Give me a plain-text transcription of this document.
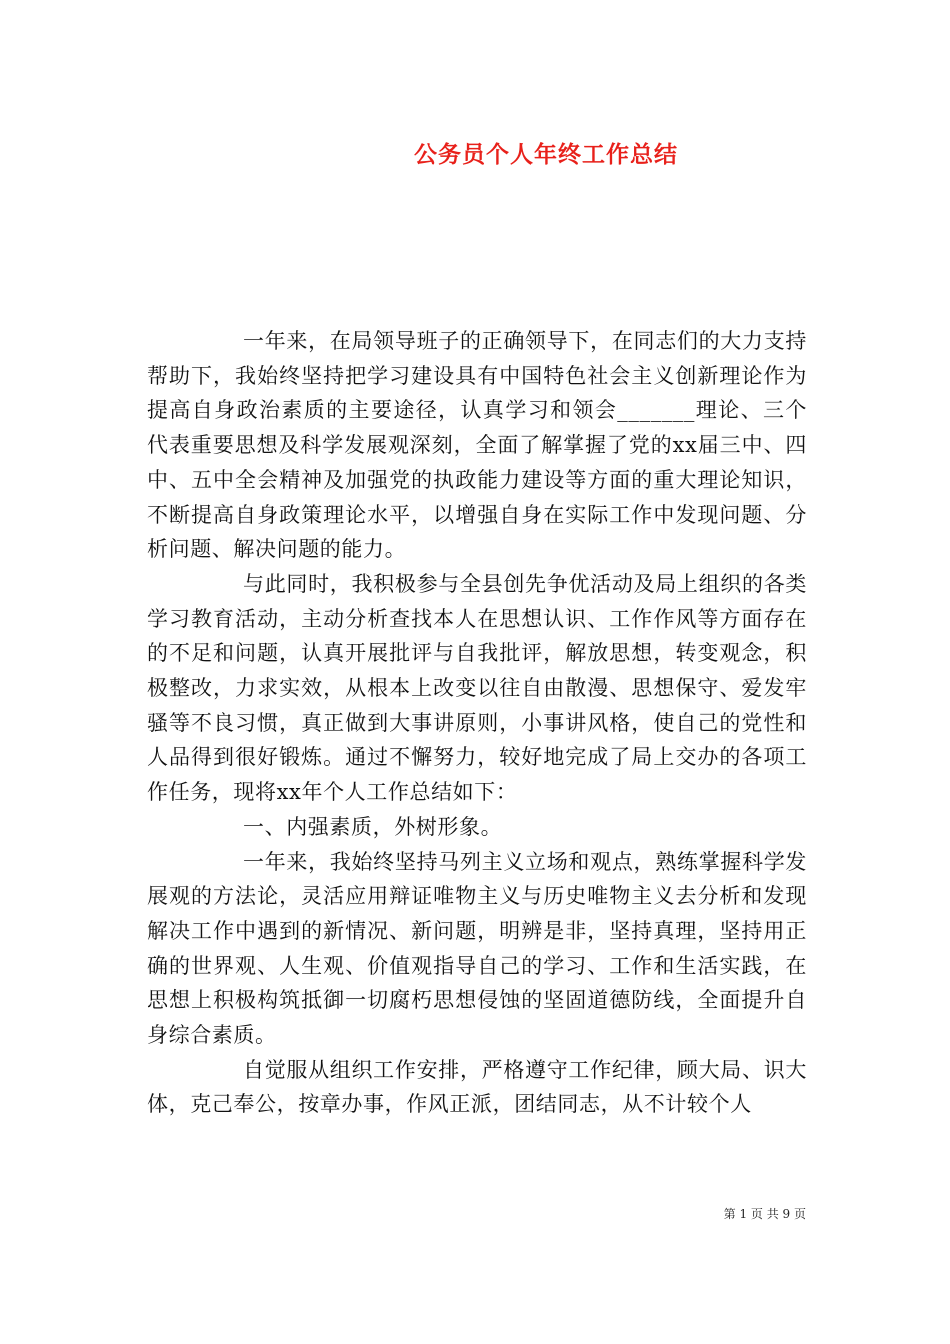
公务员个人年终工作总结

一年来，在局领导班子的正确领导下，在同志们的大力支持帮助下，我始终坚持把学习建设具有中国特色社会主义创新理论作为提高自身政治素质的主要途径，认真学习和领会_______理论、三个代表重要思想及科学发展观深刻，全面了解掌握了党的xx届三中、四中、五中全会精神及加强党的执政能力建设等方面的重大理论知识，不断提高自身政策理论水平，以增强自身在实际工作中发现问题、分析问题、解决问题的能力。

与此同时，我积极参与全县创先争优活动及局上组织的各类学习教育活动，主动分析查找本人在思想认识、工作作风等方面存在的不足和问题，认真开展批评与自我批评，解放思想，转变观念，积极整改，力求实效，从根本上改变以往自由散漫、思想保守、爱发牢骚等不良习惯，真正做到大事讲原则，小事讲风格，使自己的党性和人品得到很好锻炼。通过不懈努力，较好地完成了局上交办的各项工作任务，现将xx年个人工作总结如下：

一、内强素质，外树形象。

一年来，我始终坚持马列主义立场和观点，熟练掌握科学发展观的方法论，灵活应用辩证唯物主义与历史唯物主义去分析和发现解决工作中遇到的新情况、新问题，明辨是非，坚持真理，坚持用正确的世界观、人生观、价值观指导自己的学习、工作和生活实践，在思想上积极构筑抵御一切腐朽思想侵蚀的坚固道德防线，全面提升自身综合素质。

自觉服从组织工作安排，严格遵守工作纪律，顾大局、识大体，克己奉公，按章办事，作风正派，团结同志，从不计较个人

第 1 页 共 9 页
